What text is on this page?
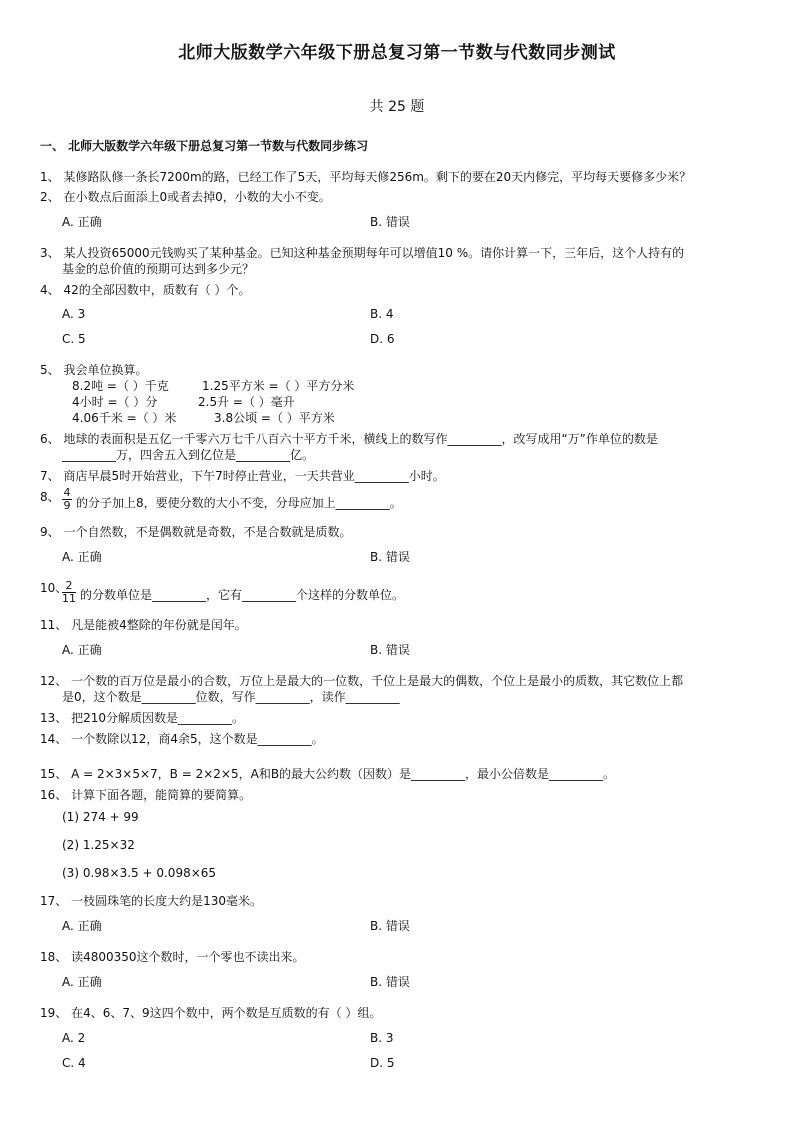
北师大版数学六年级下册总复习第一节数与代数同步测试
共 25 题
一、 北师大版数学六年级下册总复习第一节数与代数同步练习
1、 某修路队修一条长7200m的路，已经工作了5天，平均每天修256m。剩下的要在20天内修完，平均每天要修多少米？
2、 在小数点后面添上0或者去掉0，小数的大小不变。
A. 正确	B. 错误
3、 某人投资65000元钱购买了某种基金。已知这种基金预期每年可以增值10 %。请你计算一下，三年后，这个人持有的
基金的总价值的预期可达到多少元？
4、 42的全部因数中，质数有（ ）个。
A. 3	B. 4
C. 5	D. 6
5、 我会单位换算。
8.2吨 =（ ）千克	1.25平方米 =（ ）平方分米
4小时 =（ ）分	2.5升 =（ ）毫升
4.06千米 =（ ）米	3.8公顷 =（ ）平方米
6、 地球的表面积是五亿一千零六万七千八百六十平方千米，横线上的数写作_________，改写成用“万”作单位的数是
_________万，四舍五入到亿位是_________亿。
7、 商店早晨5时开始营业，下午7时停止营业，一天共营业_________小时。
8、 4
9 的分子加上8，要使分数的大小不变，分母应加上_________。
9、 一个自然数，不是偶数就是奇数，不是合数就是质数。
A. 正确	B. 错误
10、
2
11 的分数单位是_________，它有_________个这样的分数单位。
11、 凡是能被4整除的年份就是闰年。
A. 正确	B. 错误
12、 一个数的百万位是最小的合数，万位上是最大的一位数，千位上是最大的偶数，个位上是最小的质数，其它数位上都
是0，这个数是_________位数，写作_________，读作_________
13、 把210分解质因数是_________。
14、 一个数除以12，商4余5，这个数是_________。
15、 A = 2×3×5×7，B = 2×2×5，A和B的最大公约数（因数）是_________，最小公倍数是_________。
16、 计算下面各题，能简算的要简算。
(1) 274 + 99
(2) 1.25×32
(3) 0.98×3.5 + 0.098×65
17、 一枝圆珠笔的长度大约是130毫米。
A. 正确	B. 错误
18、 读4800350这个数时，一个零也不读出来。
A. 正确	B. 错误
19、 在4、6、7、9这四个数中，两个数是互质数的有（ ）组。
A. 2	B. 3
C. 4	D. 5
